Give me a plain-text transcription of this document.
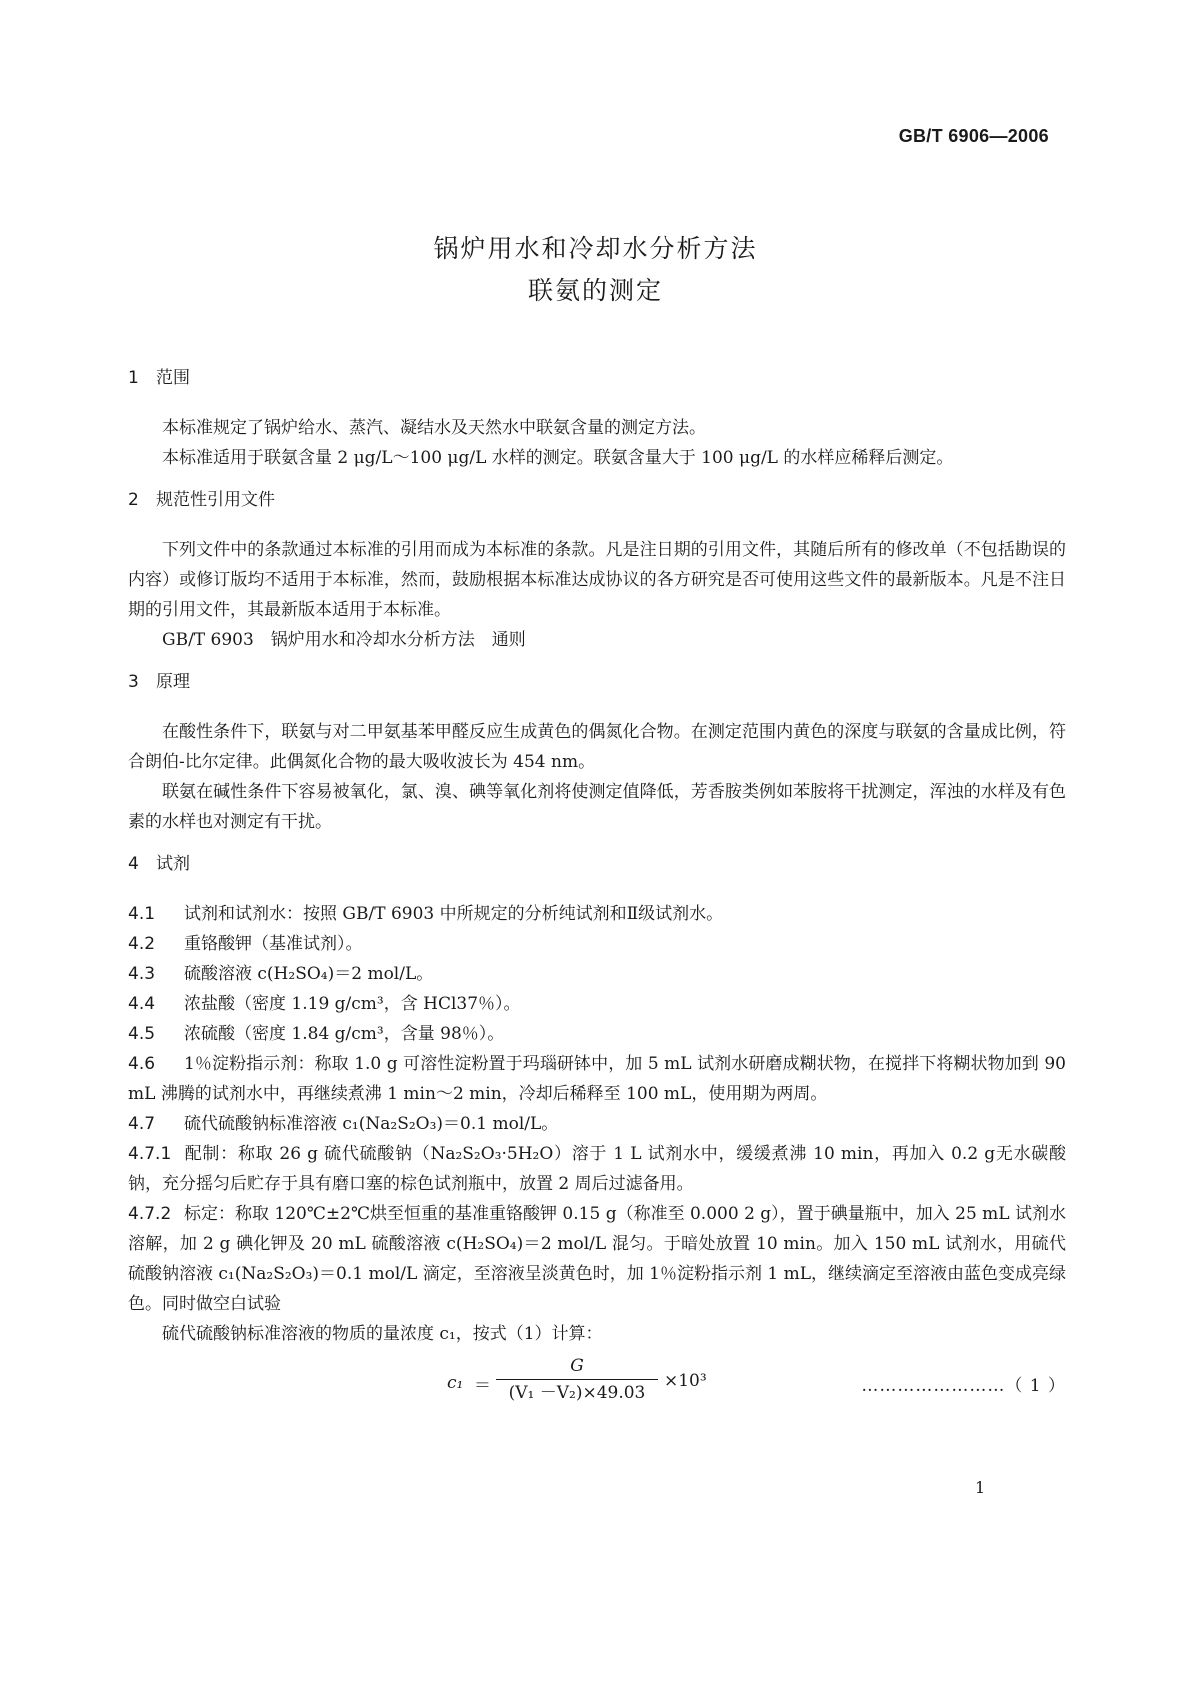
GB/T 6906—2006
锅炉用水和冷却水分析方法
联氨的测定

1 范围

本标准规定了锅炉给水、蒸汽、凝结水及天然水中联氨含量的测定方法。

本标准适用于联氨含量 2 μg/L～100 μg/L 水样的测定。联氨含量大于 100 μg/L 的水样应稀释后测定。

2 规范性引用文件

下列文件中的条款通过本标准的引用而成为本标准的条款。凡是注日期的引用文件，其随后所有的修改单（不包括勘误的内容）或修订版均不适用于本标准，然而，鼓励根据本标准达成协议的各方研究是否可使用这些文件的最新版本。凡是不注日期的引用文件，其最新版本适用于本标准。

GB/T 6903　锅炉用水和冷却水分析方法　通则

3 原理

在酸性条件下，联氨与对二甲氨基苯甲醛反应生成黄色的偶氮化合物。在测定范围内黄色的深度与联氨的含量成比例，符合朗伯-比尔定律。此偶氮化合物的最大吸收波长为 454 nm。

联氨在碱性条件下容易被氧化，氯、溴、碘等氧化剂将使测定值降低，芳香胺类例如苯胺将干扰测定，浑浊的水样及有色素的水样也对测定有干扰。

4 试剂

4.1 试剂和试剂水：按照 GB/T 6903 中所规定的分析纯试剂和Ⅱ级试剂水。

4.2 重铬酸钾（基准试剂）。

4.3 硫酸溶液 c(H₂SO₄)＝2 mol/L。

4.4 浓盐酸（密度 1.19 g/cm³，含 HCl37％）。

4.5 浓硫酸（密度 1.84 g/cm³，含量 98％）。

4.6 1％淀粉指示剂：称取 1.0 g 可溶性淀粉置于玛瑙研钵中，加 5 mL 试剂水研磨成糊状物，在搅拌下将糊状物加到 90 mL 沸腾的试剂水中，再继续煮沸 1 min～2 min，冷却后稀释至 100 mL，使用期为两周。

4.7 硫代硫酸钠标准溶液 c₁(Na₂S₂O₃)＝0.1 mol/L。

4.7.1 配制：称取 26 g 硫代硫酸钠（Na₂S₂O₃·5H₂O）溶于 1 L 试剂水中，缓缓煮沸 10 min，再加入 0.2 g无水碳酸钠，充分摇匀后贮存于具有磨口塞的棕色试剂瓶中，放置 2 周后过滤备用。

4.7.2 标定：称取 120℃±2℃烘至恒重的基准重铬酸钾 0.15 g（称准至 0.000 2 g），置于碘量瓶中，加入 25 mL 试剂水溶解，加 2 g 碘化钾及 20 mL 硫酸溶液 c(H₂SO₄)＝2 mol/L 混匀。于暗处放置 10 min。加入 150 mL 试剂水，用硫代硫酸钠溶液 c₁(Na₂S₂O₃)＝0.1 mol/L 滴定，至溶液呈淡黄色时，加 1％淀粉指示剂 1 mL，继续滴定至溶液由蓝色变成亮绿色。同时做空白试验

硫代硫酸钠标准溶液的物质的量浓度 c₁，按式（1）计算：

c₁ ＝
G
(V₁ －V₂)×49.03
×10³	……………………（ 1 ）
1
